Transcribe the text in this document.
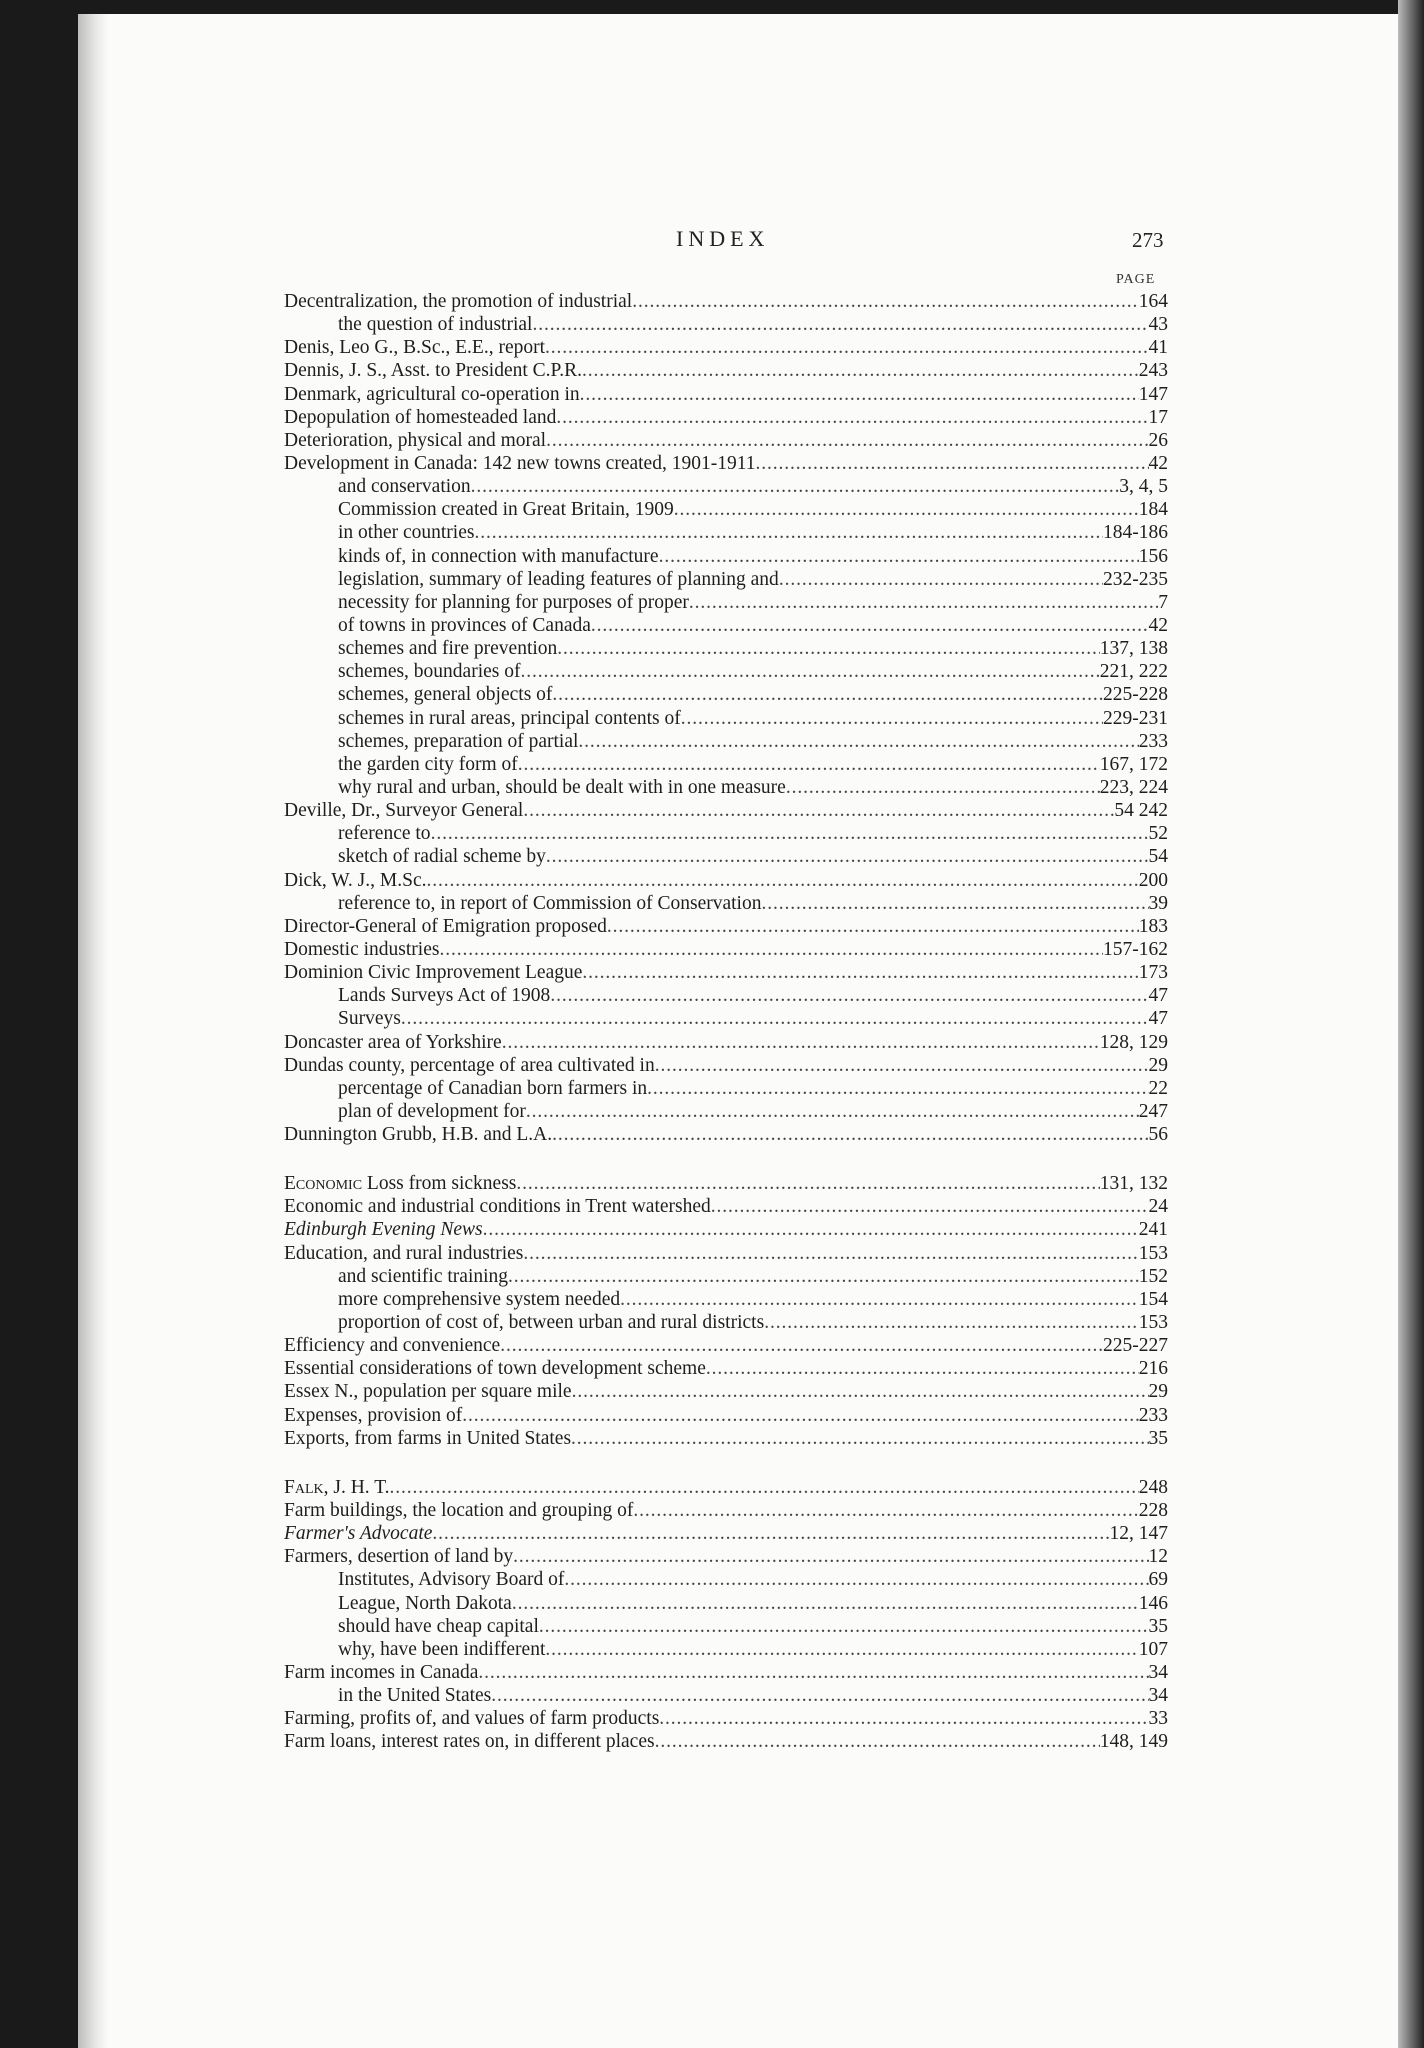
INDEX	273
PAGE
Decentralization, the promotion of industrial . . .	164
the question of industrial . . .	43
Denis, Leo G., B.Sc., E.E., report . . .	41
Dennis, J. S., Asst. to President C.P.R. . . .	243
Denmark, agricultural co-operation in . . .	147
Depopulation of homesteaded land . . .	17
Deterioration, physical and moral . . .	26
Development in Canada: 142 new towns created, 1901-1911 . . .	42
and conservation . . .	3, 4, 5
Commission created in Great Britain, 1909 . . .	184
in other countries . . .	184-186
kinds of, in connection with manufacture . . .	156
legislation, summary of leading features of planning and . . .	232-235
necessity for planning for purposes of proper . . .	7
of towns in provinces of Canada . . .	42
schemes and fire prevention . . .	137, 138
schemes, boundaries of . . .	221, 222
schemes, general objects of . . .	225-228
schemes in rural areas, principal contents of . . .	229-231
schemes, preparation of partial . . .	233
the garden city form of . . .	167, 172
why rural and urban, should be dealt with in one measure . . .	223, 224
Deville, Dr., Surveyor General . . .	54 242
reference to . . .	52
sketch of radial scheme by . . .	54
Dick, W. J., M.Sc. . . .	200
reference to, in report of Commission of Conservation . . .	39
Director-General of Emigration proposed . . .	183
Domestic industries . . .	157-162
Dominion Civic Improvement League . . .	173
Lands Surveys Act of 1908 . . .	47
Surveys . . .	47
Doncaster area of Yorkshire . . .	128, 129
Dundas county, percentage of area cultivated in . . .	29
percentage of Canadian born farmers in . . .	22
plan of development for . . .	247
Dunnington Grubb, H.B. and L.A. . . .	56
Economic Loss from sickness . . .	131, 132
Economic and industrial conditions in Trent watershed . . .	24
Edinburgh Evening News . . .	241
Education, and rural industries . . .	153
and scientific training . . .	152
more comprehensive system needed . . .	154
proportion of cost of, between urban and rural districts . . .	153
Efficiency and convenience . . .	225-227
Essential considerations of town development scheme . . .	216
Essex N., population per square mile . . .	29
Expenses, provision of . . .	233
Exports, from farms in United States . . .	35
Falk, J. H. T. . . .	248
Farm buildings, the location and grouping of . . .	228
Farmer's Advocate . . .	12, 147
Farmers, desertion of land by . . .	12
Institutes, Advisory Board of . . .	69
League, North Dakota . . .	146
should have cheap capital . . .	35
why, have been indifferent . . .	107
Farm incomes in Canada . . .	34
in the United States . . .	34
Farming, profits of, and values of farm products . . .	33
Farm loans, interest rates on, in different places . . .	148, 149
